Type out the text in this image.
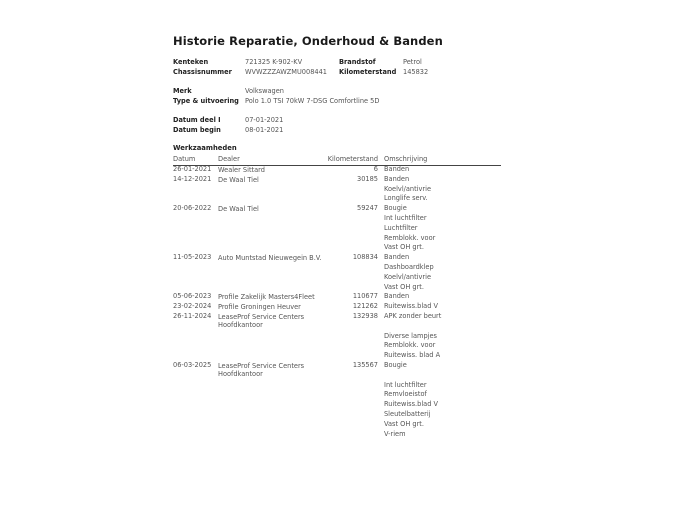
Historie Reparatie, Onderhoud & Banden
Kenteken	721325 K-902-KV	Brandstof	Petrol
Chassisnummer WVWZZZAWZMU008441 Kilometerstand 145832
Merk	Volkswagen
Type & uitvoering Polo 1.0 TSI 70kW 7-DSG Comfortline 5D
Datum deel I	07-01-2021
Datum begin	08-01-2021
Werkzaamheden
Datum	Dealer	Kilometerstand Omschrijving
26-01-2021 Wealer Sittard	6 Banden
14-12-2021 De Waal Tiel	30185 Banden
Koelvl/antivrie
Longlife serv.
20-06-2022 De Waal Tiel	59247 Bougie
Int luchtfilter
Luchtfilter
Remblokk. voor
Vast OH grt.
11-05-2023 Auto Muntstad Nieuwegein B.V.	108834 Banden
Dashboardklep
Koelvl/antivrie
Vast OH grt.
05-06-2023 Profile Zakelijk Masters4Fleet	110677 Banden
23-02-2024 Profile Groningen Heuver	121262 Ruitewiss.blad V
26-11-2024 LeaseProf Service Centers
Hoofdkantoor
132938 APK zonder beurt
Diverse lampjes
Remblokk. voor
Ruitewiss. blad A
06-03-2025 LeaseProf Service Centers
Hoofdkantoor
135567 Bougie
Int luchtfilter
Remvloeistof
Ruitewiss.blad V
Sleutelbatterij
Vast OH grt.
V-riem
